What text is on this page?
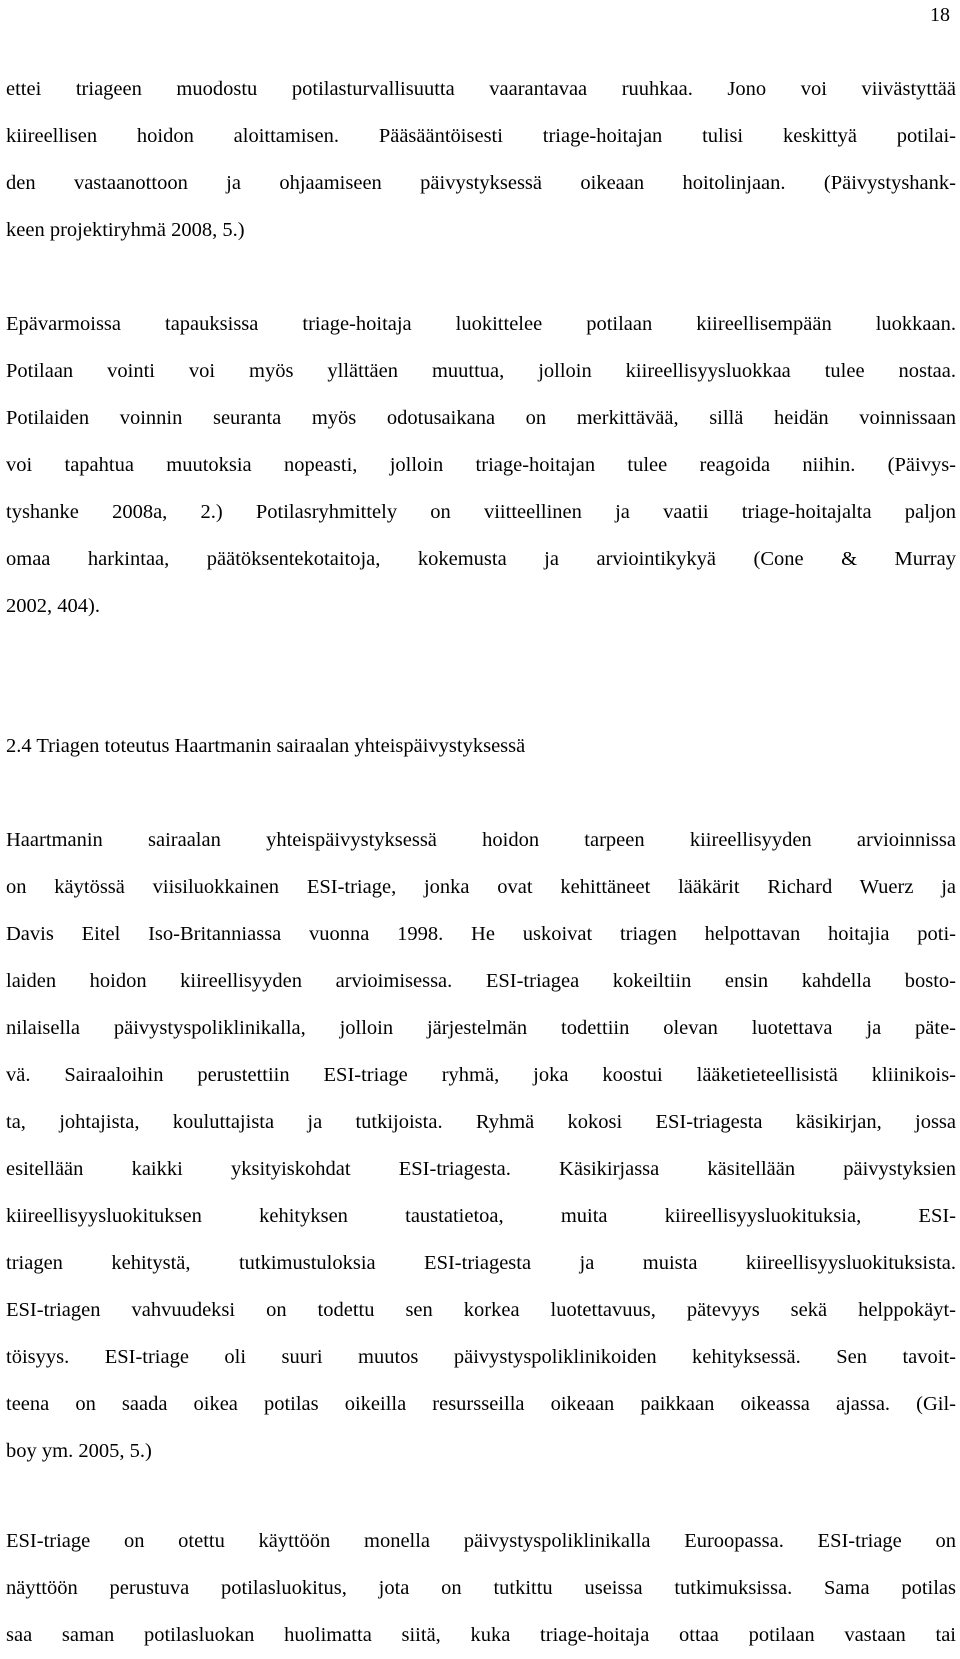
18
ettei triageen muodostu potilasturvallisuutta vaarantavaa ruuhkaa. Jono voi viivästyttää
kiireellisen hoidon aloittamisen. Pääsääntöisesti triage-hoitajan tulisi keskittyä potilai-
den vastaanottoon ja ohjaamiseen päivystyksessä oikeaan hoitolinjaan. (Päivystyshank-
keen projektiryhmä 2008, 5.)
Epävarmoissa tapauksissa triage-hoitaja luokittelee potilaan kiireellisempään luokkaan.
Potilaan vointi voi myös yllättäen muuttua, jolloin kiireellisyysluokkaa tulee nostaa.
Potilaiden voinnin seuranta myös odotusaikana on merkittävää, sillä heidän voinnissaan
voi tapahtua muutoksia nopeasti, jolloin triage-hoitajan tulee reagoida niihin. (Päivys-
tyshanke 2008a, 2.) Potilasryhmittely on viitteellinen ja vaatii triage-hoitajalta paljon
omaa harkintaa, päätöksentekotaitoja, kokemusta ja arviointikykyä (Cone & Murray
2002, 404).
2.4 Triagen toteutus Haartmanin sairaalan yhteispäivystyksessä
Haartmanin sairaalan yhteispäivystyksessä hoidon tarpeen kiireellisyyden arvioinnissa
on käytössä viisiluokkainen ESI-triage, jonka ovat kehittäneet lääkärit Richard Wuerz ja
Davis Eitel Iso-Britanniassa vuonna 1998. He uskoivat triagen helpottavan hoitajia poti-
laiden hoidon kiireellisyyden arvioimisessa. ESI-triagea kokeiltiin ensin kahdella bosto-
nilaisella päivystyspoliklinikalla, jolloin järjestelmän todettiin olevan luotettava ja päte-
vä. Sairaaloihin perustettiin ESI-triage ryhmä, joka koostui lääketieteellisistä kliinikois-
ta, johtajista, kouluttajista ja tutkijoista. Ryhmä kokosi ESI-triagesta käsikirjan, jossa
esitellään kaikki yksityiskohdat ESI-triagesta. Käsikirjassa käsitellään päivystyksien
kiireellisyysluokituksen kehityksen taustatietoa, muita kiireellisyysluokituksia, ESI-
triagen kehitystä, tutkimustuloksia ESI-triagesta ja muista kiireellisyysluokituksista.
ESI-triagen vahvuudeksi on todettu sen korkea luotettavuus, pätevyys sekä helppokäyt-
töisyys. ESI-triage oli suuri muutos päivystyspoliklinikoiden kehityksessä. Sen tavoit-
teena on saada oikea potilas oikeilla resursseilla oikeaan paikkaan oikeassa ajassa. (Gil-
boy ym. 2005, 5.)
ESI-triage on otettu käyttöön monella päivystyspoliklinikalla Euroopassa. ESI-triage on
näyttöön perustuva potilasluokitus, jota on tutkittu useissa tutkimuksissa. Sama potilas
saa saman potilasluokan huolimatta siitä, kuka triage-hoitaja ottaa potilaan vastaan tai
